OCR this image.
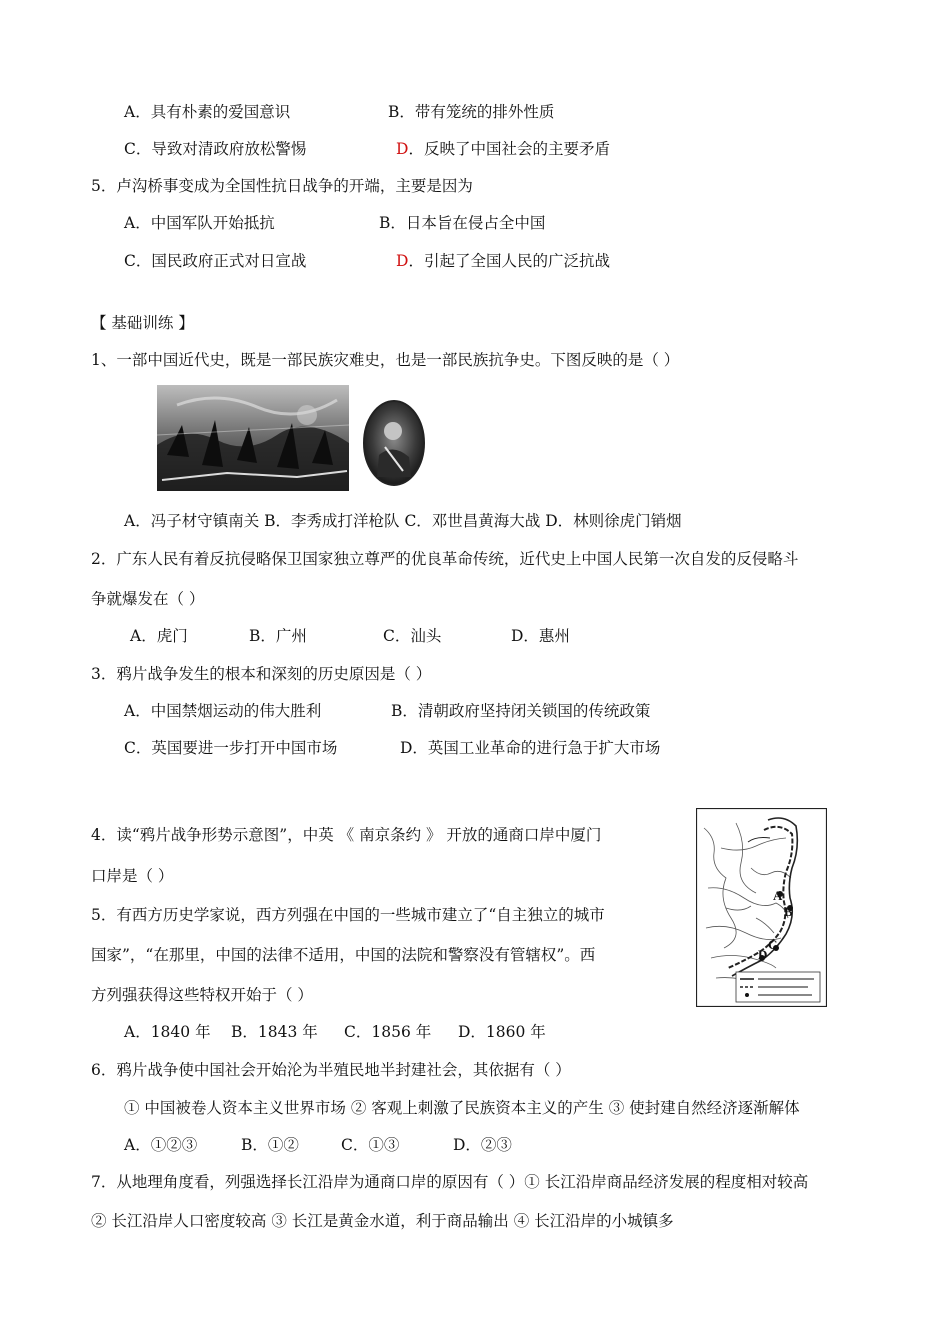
A．具有朴素的爱国意识	B．带有笼统的排外性质
C．导致对清政府放松警惕	D．反映了中国社会的主要矛盾
5．卢沟桥事变成为全国性抗日战争的开端，主要是因为
A．中国军队开始抵抗	B．日本旨在侵占全中国
C．国民政府正式对日宣战	D．引起了全国人民的广泛抗战
【 基础训练 】
1、一部中国近代史，既是一部民族灾难史，也是一部民族抗争史。下图反映的是（ ）
A．冯子材守镇南关 B．李秀成打洋枪队 C．邓世昌黄海大战 D．林则徐虎门销烟
2．广东人民有着反抗侵略保卫国家独立尊严的优良革命传统，近代史上中国人民第一次自发的反侵略斗
争就爆发在（ ）
A．虎门	B．广州	C．汕头	D．惠州
3．鸦片战争发生的根本和深刻的历史原因是（ ）
A．中国禁烟运动的伟大胜利	B．清朝政府坚持闭关锁国的传统政策
C．英国要进一步打开中国市场	D．英国工业革命的进行急于扩大市场
4．读“鸦片战争形势示意图”，中英 《 南京条约 》 开放的通商口岸中厦门
口岸是（ ）
A
B
C
D
5．有西方历史学家说，西方列强在中国的一些城市建立了“自主独立的城市
国家”，“在那里，中国的法律不适用，中国的法院和警察没有管辖权”。西
方列强获得这些特权开始于（ ）
A．1840 年 B．1843 年 C．1856 年 D．1860 年
6．鸦片战争使中国社会开始沦为半殖民地半封建社会，其依据有（ ）
① 中国被卷人资本主义世界市场 ② 客观上刺激了民族资本主义的产生 ③ 使封建自然经济逐渐解体
A．①②③	B．①②	C．①③	D．②③
7．从地理角度看，列强选择长江沿岸为通商口岸的原因有（ ）① 长江沿岸商品经济发展的程度相对较高
② 长江沿岸人口密度较高 ③ 长江是黄金水道，利于商品输出 ④ 长江沿岸的小城镇多
